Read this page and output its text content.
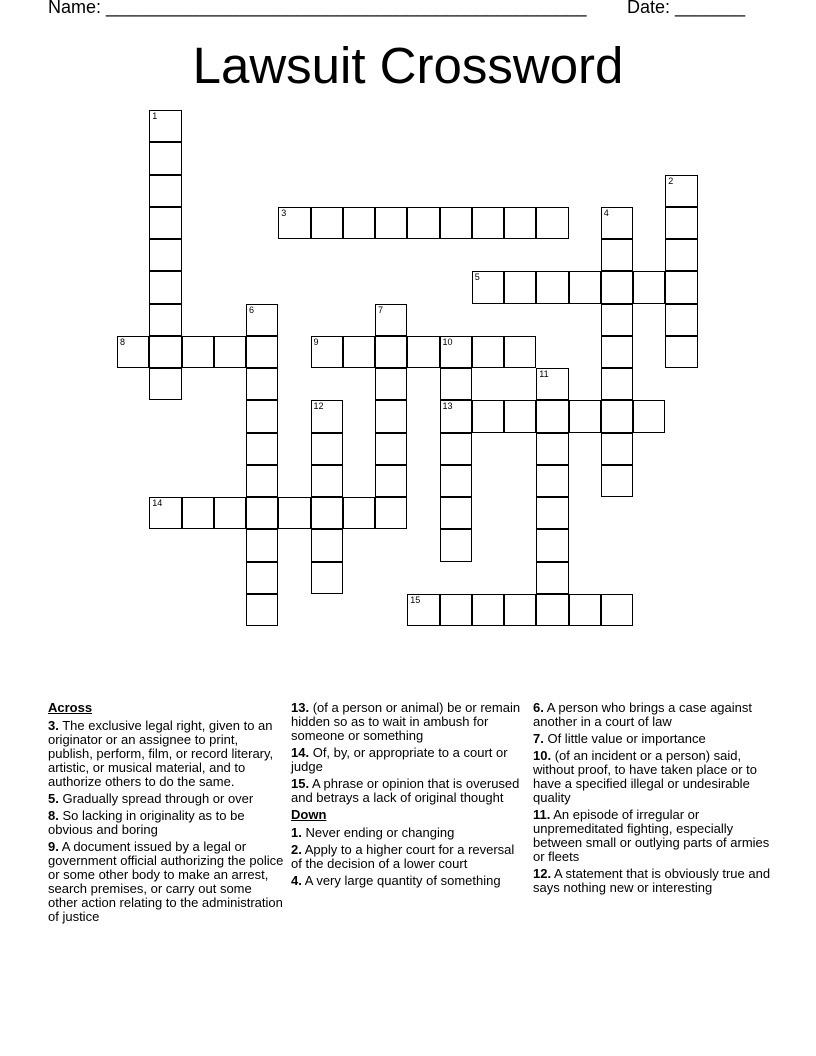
Name: ________________________________________________ Date: _______
Lawsuit Crossword
1
2
3	4
5
6	7
8	9	10
13
11
12
14
15
Across
3. The exclusive legal right, given to an originator or an assignee to print, publish, perform, film, or record literary, artistic, or musical material, and to authorize others to do the same.
5. Gradually spread through or over
8. So lacking in originality as to be obvious and boring
9. A document issued by a legal or government official authorizing the police or some other body to make an arrest, search premises, or carry out some other action relating to the administration of justice
13. (of a person or animal) be or remain hidden so as to wait in ambush for someone or something
14. Of, by, or appropriate to a court or judge
15. A phrase or opinion that is overused and betrays a lack of original thought
Down
1. Never ending or changing
2. Apply to a higher court for a reversal of the decision of a lower court
4. A very large quantity of something
6. A person who brings a case against another in a court of law
7. Of little value or importance
10. (of an incident or a person) said, without proof, to have taken place or to have a specified illegal or undesirable quality
11. An episode of irregular or unpremeditated fighting, especially between small or outlying parts of armies or fleets
12. A statement that is obviously true and says nothing new or interesting
